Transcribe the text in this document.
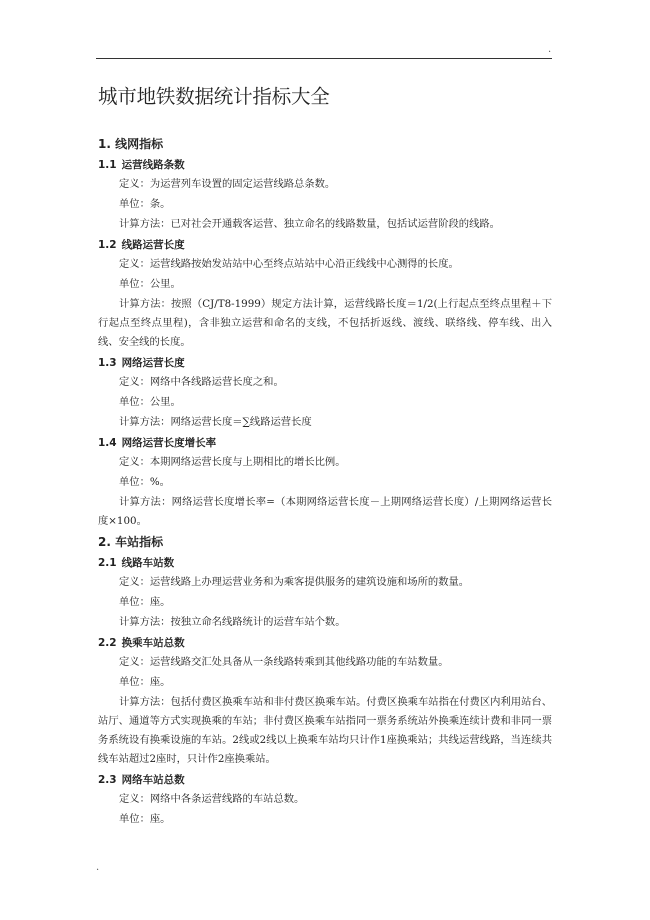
.
城市地铁数据统计指标大全
1. 线网指标
1.1 运营线路条数

定义：为运营列车设置的固定运营线路总条数。

单位：条。

计算方法：已对社会开通载客运营、独立命名的线路数量，包括试运营阶段的线路。

1.2 线路运营长度

定义：运营线路按始发站站中心至终点站站中心沿正线线中心测得的长度。

单位：公里。

计算方法：按照（CJ/T8-1999）规定方法计算，运营线路长度＝1/2(上行起点至终点里程＋下行起点至终点里程)，含非独立运营和命名的支线，不包括折返线、渡线、联络线、停车线、出入线、安全线的长度。

1.3 网络运营长度

定义：网络中各线路运营长度之和。

单位：公里。

计算方法：网络运营长度＝∑线路运营长度

1.4 网络运营长度增长率

定义：本期网络运营长度与上期相比的增长比例。

单位：%。

计算方法：网络运营长度增长率=（本期网络运营长度－上期网络运营长度）/上期网络运营长度×100。

2. 车站指标
2.1 线路车站数

定义：运营线路上办理运营业务和为乘客提供服务的建筑设施和场所的数量。

单位：座。

计算方法：按独立命名线路统计的运营车站个数。

2.2 换乘车站总数

定义：运营线路交汇处具备从一条线路转乘到其他线路功能的车站数量。

单位：座。

计算方法：包括付费区换乘车站和非付费区换乘车站。付费区换乘车站指在付费区内利用站台、站厅、通道等方式实现换乘的车站；非付费区换乘车站指同一票务系统站外换乘连续计费和非同一票务系统设有换乘设施的车站。2线或2线以上换乘车站均只计作1座换乘站；共线运营线路，当连续共线车站超过2座时，只计作2座换乘站。

2.3 网络车站总数

定义：网络中各条运营线路的车站总数。

单位：座。

.
